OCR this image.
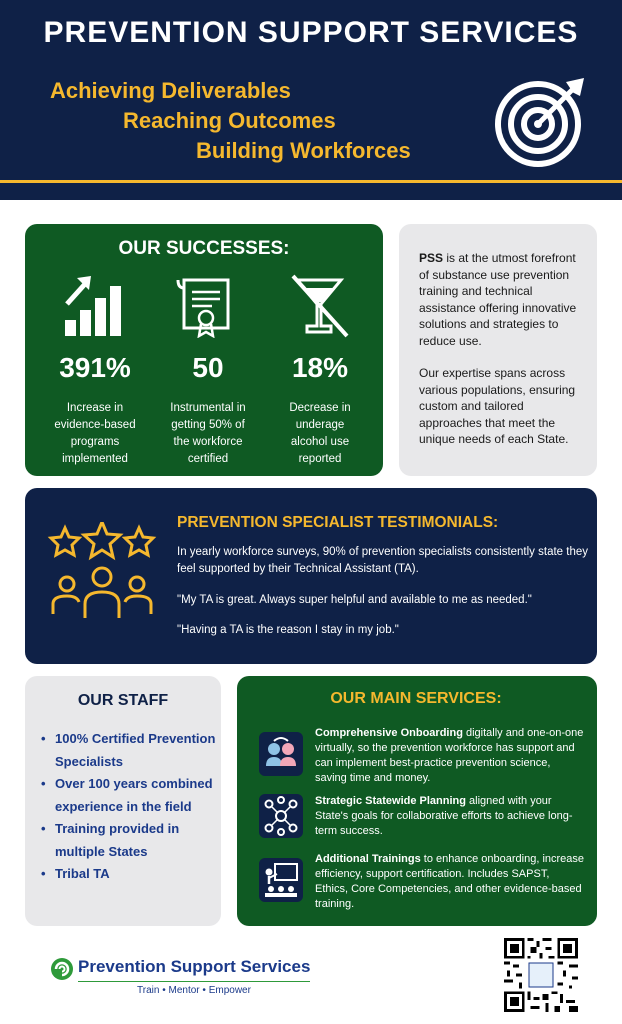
PREVENTION SUPPORT SERVICES
Achieving Deliverables
Reaching Outcomes
Building Workforces
OUR SUCCESSES:
391%
Increase in
evidence-based
programs
implemented
50
Instrumental in
getting 50% of
the workforce
certified
18%
Decrease in
underage
alcohol use
reported

PSS is at the utmost forefront of substance use prevention training and technical assistance offering innovative solutions and strategies to reduce use.

Our expertise spans across various populations, ensuring custom and tailored approaches that meet the unique needs of each State.

PREVENTION SPECIALIST TESTIMONIALS:
In yearly workforce surveys, 90% of prevention specialists consistently state they feel supported by their Technical Assistant (TA).
"My TA is great. Always super helpful and available to me as needed."
"Having a TA is the reason I stay in my job."
OUR STAFF
• 100% Certified Prevention Specialists
• Over 100 years combined experience in the field
• Training provided in multiple States
• Tribal TA
OUR MAIN SERVICES:
Comprehensive Onboarding digitally and one-on-one virtually, so the prevention workforce has support and can implement best-practice prevention science, saving time and money.
Strategic Statewide Planning aligned with your State's goals for collaborative efforts to achieve long-term success.
Additional Trainings to enhance onboarding, increase efficiency, support certification. Includes SAPST, Ethics, Core Competencies, and other evidence-based training.
Prevention Support Services
Train • Mentor • Empower
